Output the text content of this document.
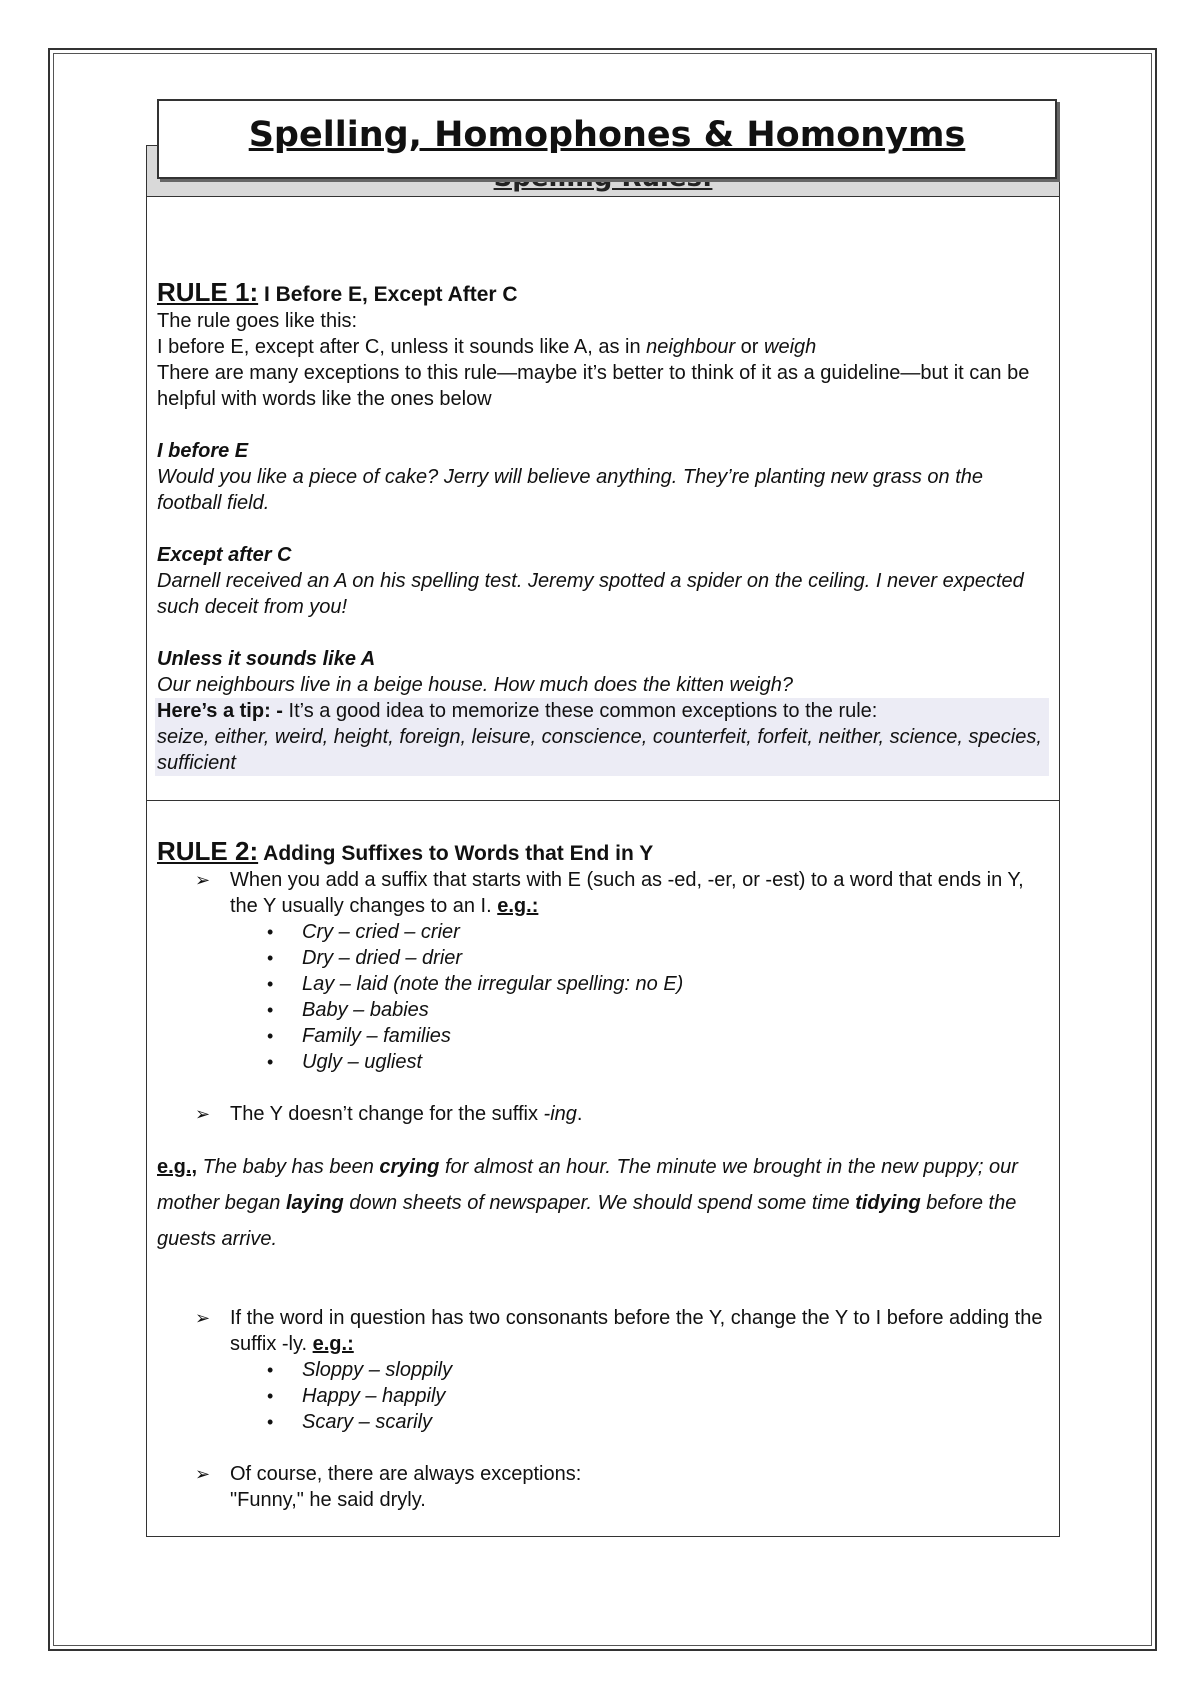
Spelling, Homophones & Homonyms

RULE 1: I Before E, Except After C

The rule goes like this:

I before E, except after C, unless it sounds like A, as in neighbour or weigh

There are many exceptions to this rule—maybe it’s better to think of it as a guideline—but it can be helpful with words like the ones below

I before E

Would you like a piece of cake? Jerry will believe anything. They’re planting new grass on the football field.

Except after C

Darnell received an A on his spelling test. Jeremy spotted a spider on the ceiling. I never expected such deceit from you!

Unless it sounds like A

Our neighbours live in a beige house. How much does the kitten weigh?

Here’s a tip: - It’s a good idea to memorize these common exceptions to the rule:

seize, either, weird, height, foreign, leisure, conscience, counterfeit, forfeit, neither, science, species, sufficient

RULE 2: Adding Suffixes to Words that End in Y

➢ When you add a suffix that starts with E (such as -ed, -er, or -est) to a word that ends in Y, the Y usually changes to an I. e.g.:
• Cry – cried – crier
• Dry – dried – drier
• Lay – laid (note the irregular spelling: no E)
• Baby – babies
• Family – families
• Ugly – ugliest
➢ The Y doesn’t change for the suffix -ing.

e.g., The baby has been crying for almost an hour. The minute we brought in the new puppy; our mother began laying down sheets of newspaper. We should spend some time tidying before the guests arrive.

➢ If the word in question has two consonants before the Y, change the Y to I before adding the suffix -ly. e.g.:
• Sloppy – sloppily
• Happy – happily
• Scary – scarily
➢ Of course, there are always exceptions:

"Funny," he said dryly.
